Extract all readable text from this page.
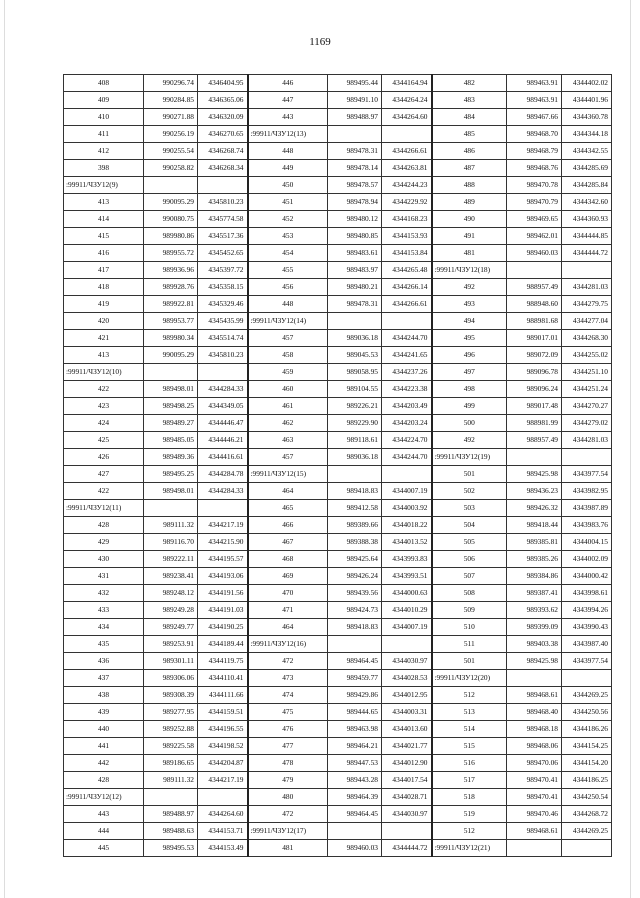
1169
408	990296.74	4346404.95	446	989495.44	4344164.94	482	989463.91	4344402.02
409	990284.85	4346365.06	447	989491.10	4344264.24	483	989463.91	4344401.96
410	990271.88	4346320.09	443	989488.97	4344264.60	484	989467.66	4344360.78
411	990256.19	4346270.65	:99911/ЧЗУ12(13)			485	989468.70	4344344.18
412	990255.54	4346268.74	448	989478.31	4344266.61	486	989468.79	4344342.55
398	990258.82	4346268.34	449	989478.14	4344263.81	487	989468.76	4344285.69
:99911/ЧЗУ12(9)			450	989478.57	4344244.23	488	989470.78	4344285.84
413	990095.29	4345810.23	451	989478.94	4344229.92	489	989470.79	4344342.60
414	990080.75	4345774.58	452	989480.12	4344168.23	490	989469.65	4344360.93
415	989980.86	4345517.36	453	989480.85	4344153.93	491	989462.01	4344444.85
416	989955.72	4345452.65	454	989483.61	4344153.84	481	989460.03	4344444.72
417	989936.96	4345397.72	455	989483.97	4344265.48	:99911/ЧЗУ12(18)		
418	989928.76	4345358.15	456	989480.21	4344266.14	492	988957.49	4344281.03
419	989922.81	4345329.46	448	989478.31	4344266.61	493	988948.60	4344279.75
420	989953.77	4345435.99	:99911/ЧЗУ12(14)			494	988981.68	4344277.04
421	989980.34	4345514.74	457	989036.18	4344244.70	495	989017.01	4344268.30
413	990095.29	4345810.23	458	989045.53	4344241.65	496	989072.09	4344255.02
:99911/ЧЗУ12(10)			459	989058.95	4344237.26	497	989096.78	4344251.10
422	989498.01	4344284.33	460	989104.55	4344223.38	498	989096.24	4344251.24
423	989498.25	4344349.05	461	989226.21	4344203.49	499	989017.48	4344270.27
424	989489.27	4344446.47	462	989229.90	4344203.24	500	988981.99	4344279.02
425	989485.05	4344446.21	463	989118.61	4344224.70	492	988957.49	4344281.03
426	989489.36	4344416.61	457	989036.18	4344244.70	:99911/ЧЗУ12(19)		
427	989495.25	4344284.78	:99911/ЧЗУ12(15)			501	989425.98	4343977.54
422	989498.01	4344284.33	464	989418.83	4344007.19	502	989436.23	4343982.95
:99911/ЧЗУ12(11)			465	989412.58	4344003.92	503	989426.32	4343987.89
428	989111.32	4344217.19	466	989389.66	4344018.22	504	989418.44	4343983.76
429	989116.70	4344215.90	467	989388.38	4344013.52	505	989385.81	4344004.15
430	989222.11	4344195.57	468	989425.64	4343993.83	506	989385.26	4344002.09
431	989238.41	4344193.06	469	989426.24	4343993.51	507	989384.86	4344000.42
432	989248.12	4344191.56	470	989439.56	4344000.63	508	989387.41	4343998.61
433	989249.28	4344191.03	471	989424.73	4344010.29	509	989393.62	4343994.26
434	989249.77	4344190.25	464	989418.83	4344007.19	510	989399.09	4343990.43
435	989253.91	4344189.44	:99911/ЧЗУ12(16)			511	989403.38	4343987.40
436	989301.11	4344119.75	472	989464.45	4344030.97	501	989425.98	4343977.54
437	989306.06	4344110.41	473	989459.77	4344028.53	:99911/ЧЗУ12(20)		
438	989308.39	4344111.66	474	989429.86	4344012.95	512	989468.61	4344269.25
439	989277.95	4344159.51	475	989444.65	4344003.31	513	989468.40	4344250.56
440	989252.88	4344196.55	476	989463.98	4344013.60	514	989468.18	4344186.26
441	989225.58	4344198.52	477	989464.21	4344021.77	515	989468.06	4344154.25
442	989186.65	4344204.87	478	989447.53	4344012.90	516	989470.06	4344154.20
428	989111.32	4344217.19	479	989443.28	4344017.54	517	989470.41	4344186.25
:99911/ЧЗУ12(12)			480	989464.39	4344028.71	518	989470.41	4344250.54
443	989488.97	4344264.60	472	989464.45	4344030.97	519	989470.46	4344268.72
444	989488.63	4344153.71	:99911/ЧЗУ12(17)			512	989468.61	4344269.25
445	989495.53	4344153.49	481	989460.03	4344444.72	:99911/ЧЗУ12(21)		
